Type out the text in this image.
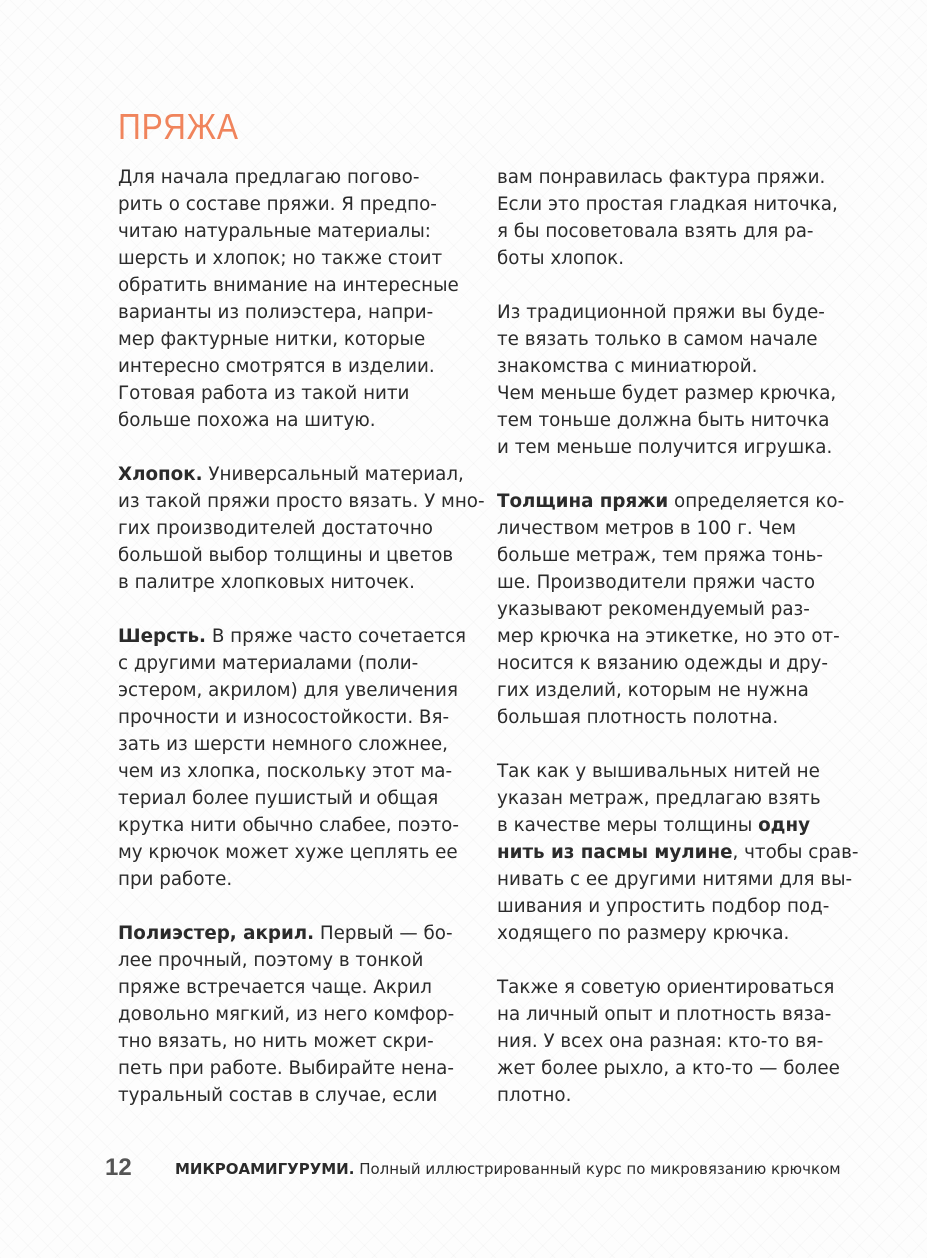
ПРЯЖА
Для начала предлагаю погово-
рить о составе пряжи. Я предпо-
читаю натуральные материалы:
шерсть и хлопок; но также стоит
обратить внимание на интересные
варианты из полиэстера, напри-
мер фактурные нитки, которые
интересно смотрятся в изделии.
Готовая работа из такой нити
больше похожа на шитую.
Хлопок. Универсальный материал,
из такой пряжи просто вязать. У мно-
гих производителей достаточно
большой выбор толщины и цветов
в палитре хлопковых ниточек.
Шерсть. В пряже часто сочетается
с другими материалами (поли-
эстером, акрилом) для увеличения
прочности и износостойкости. Вя-
зать из шерсти немного сложнее,
чем из хлопка, поскольку этот ма-
териал более пушистый и общая
крутка нити обычно слабее, поэто-
му крючок может хуже цеплять ее
при работе.
Полиэстер, акрил. Первый — бо-
лее прочный, поэтому в тонкой
пряже встречается чаще. Акрил
довольно мягкий, из него комфор-
тно вязать, но нить может скри-
петь при работе. Выбирайте нена-
туральный состав в случае, если
вам понравилась фактура пряжи.
Если это простая гладкая ниточка,
я бы посоветовала взять для ра-
боты хлопок.
Из традиционной пряжи вы буде-
те вязать только в самом начале
знакомства с миниатюрой.
Чем меньше будет размер крючка,
тем тоньше должна быть ниточка
и тем меньше получится игрушка.
Толщина пряжи определяется ко-
личеством метров в 100 г. Чем
больше метраж, тем пряжа тонь-
ше. Производители пряжи часто
указывают рекомендуемый раз-
мер крючка на этикетке, но это от-
носится к вязанию одежды и дру-
гих изделий, которым не нужна
большая плотность полотна.
Так как у вышивальных нитей не
указан метраж, предлагаю взять
в качестве меры толщины одну
нить из пасмы мулине, чтобы срав-
нивать с ее другими нитями для вы-
шивания и упростить подбор под-
ходящего по размеру крючка.
Также я советую ориентироваться
на личный опыт и плотность вяза-
ния. У всех она разная: кто-то вя-
жет более рыхло, а кто-то — более
плотно.
12	МИКРОАМИГУРУМИ. Полный иллюстрированный курс по микровязанию крючком
